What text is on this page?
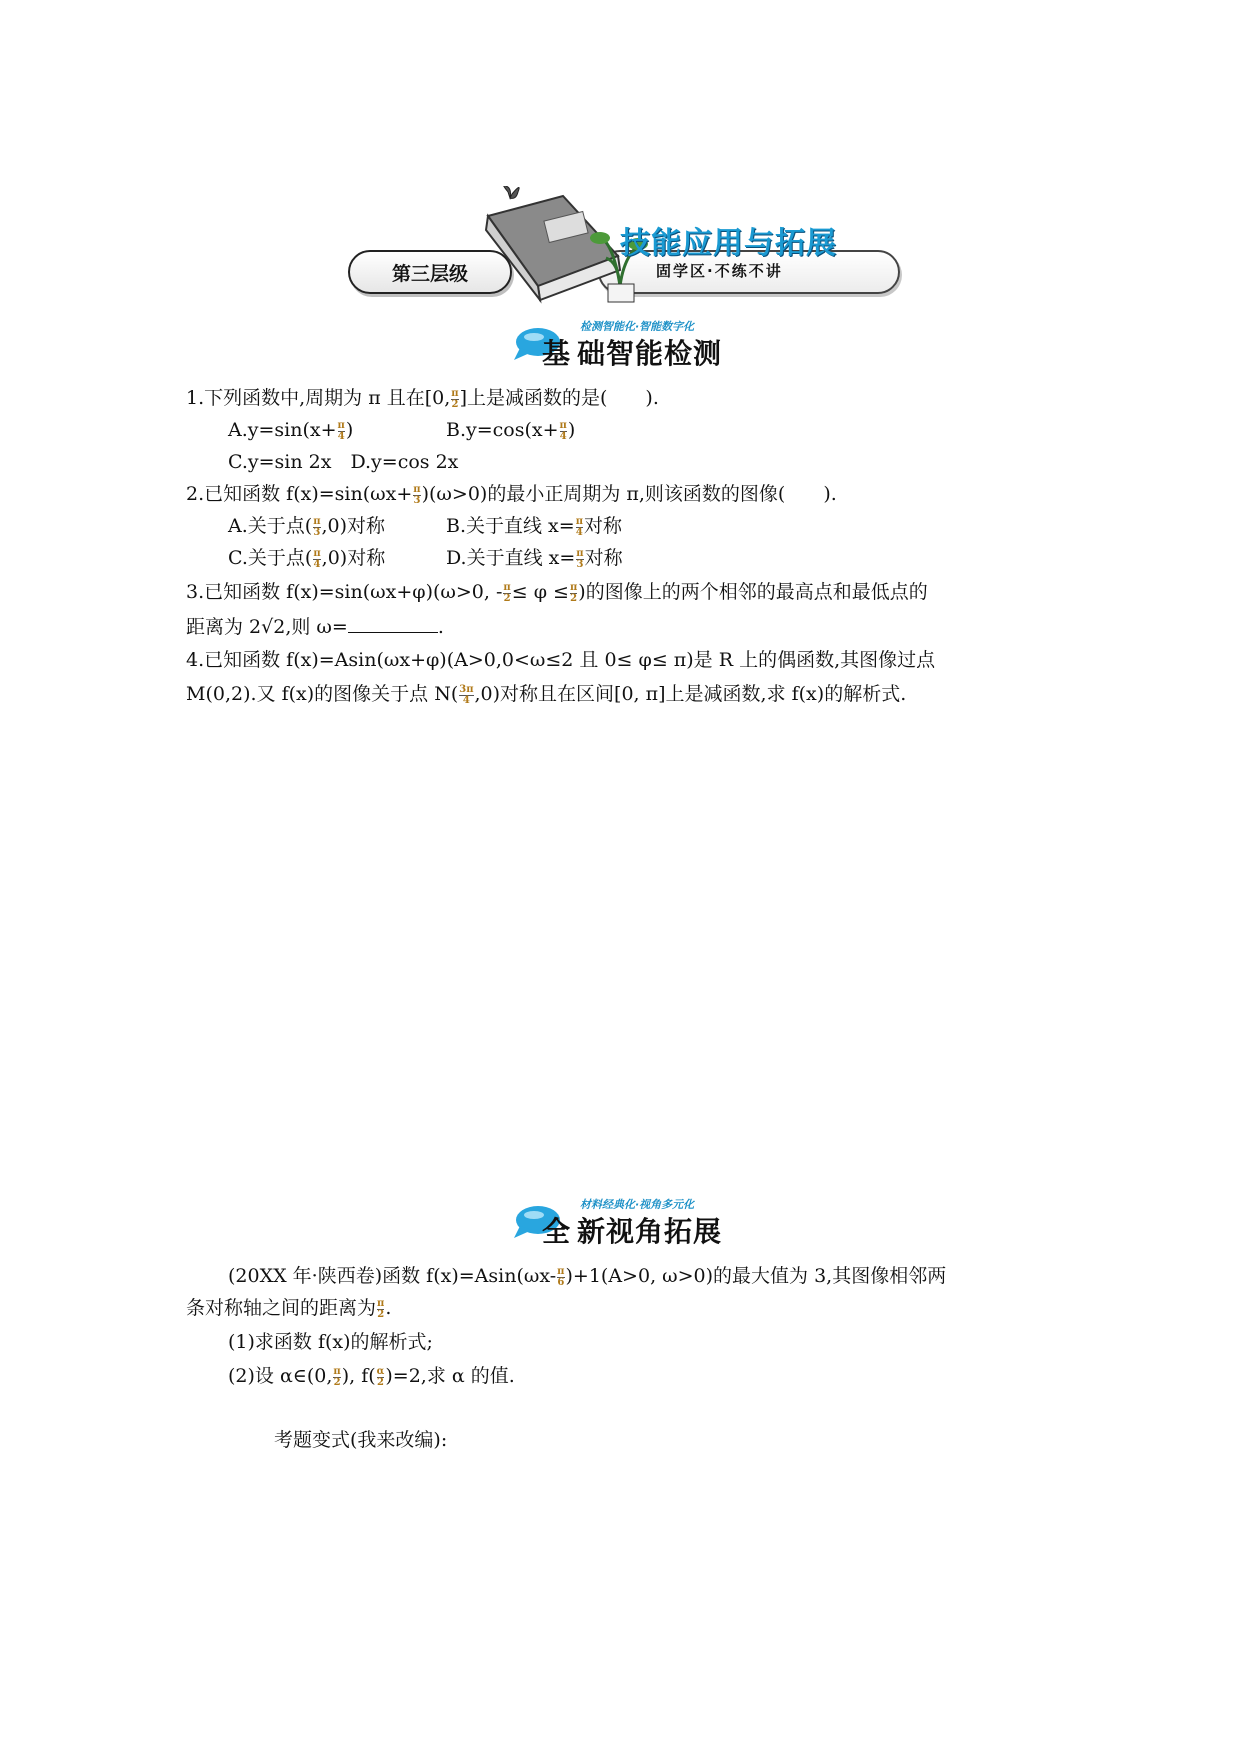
第三层级
技能应用与拓展
固学区·不练不讲
检测智能化·智能数字化
基 础智能检测
1.下列函数中,周期为 π 且在[0, $\frac{\pi}{2}$ ]上是减函数的是(　　).
$A.y=\sin(x+ \frac{\pi}{4}$ )	$B.y=\cos(x+ \frac{\pi}{4}$ )
C.y=sin 2x　D.y=cos 2x
2.已知函数 $f(x)=\sin(\omega x+ \frac{\pi}{3} )(\omega>0)$的最小正周期为 π,则该函数的图像(　　).
A.关于点( $\frac{\pi}{3} ,0$)对称	B.关于直线 $x= \frac{\pi}{4}$ 对称
C.关于点( $\frac{\pi}{4} ,0$)对称	D.关于直线 $x= \frac{\pi}{3}$ 对称
3.已知函数 f(x)=sin(ωx+φ)(ω>0, - $\frac{\pi}{2} \le \varphi \le \frac{\pi}{2}$ )的图像上的两个相邻的最高点和最低点的
距离为 2√2,则 ω=	.
4.已知函数 f(x)=Asin(ωx+φ)(A>0,0<ω≤2 且 0≤ φ≤ π)是 R 上的偶函数,其图像过点
M(0,2).又 f(x)的图像关于点 $N( \frac{3\pi}{4} ,0)$对称且在区间[0, π]上是减函数,求 f(x)的解析式.
材料经典化·视角多元化
全 新视角拓展
(20XX 年·陕西卷)函数 $f(x)=Asin(\omega x- \frac{\pi}{6} )+1(A>0$, ω>0)的最大值为 3,其图像相邻两
条对称轴之间的距离为 $\frac{\pi}{2}$ .
(1)求函数 f(x)的解析式;
(2)设 α∈(0, $\frac{\pi}{2}$ ), $f( \frac{\alpha}{2} )=2$,求 α 的值.
考题变式(我来改编):
